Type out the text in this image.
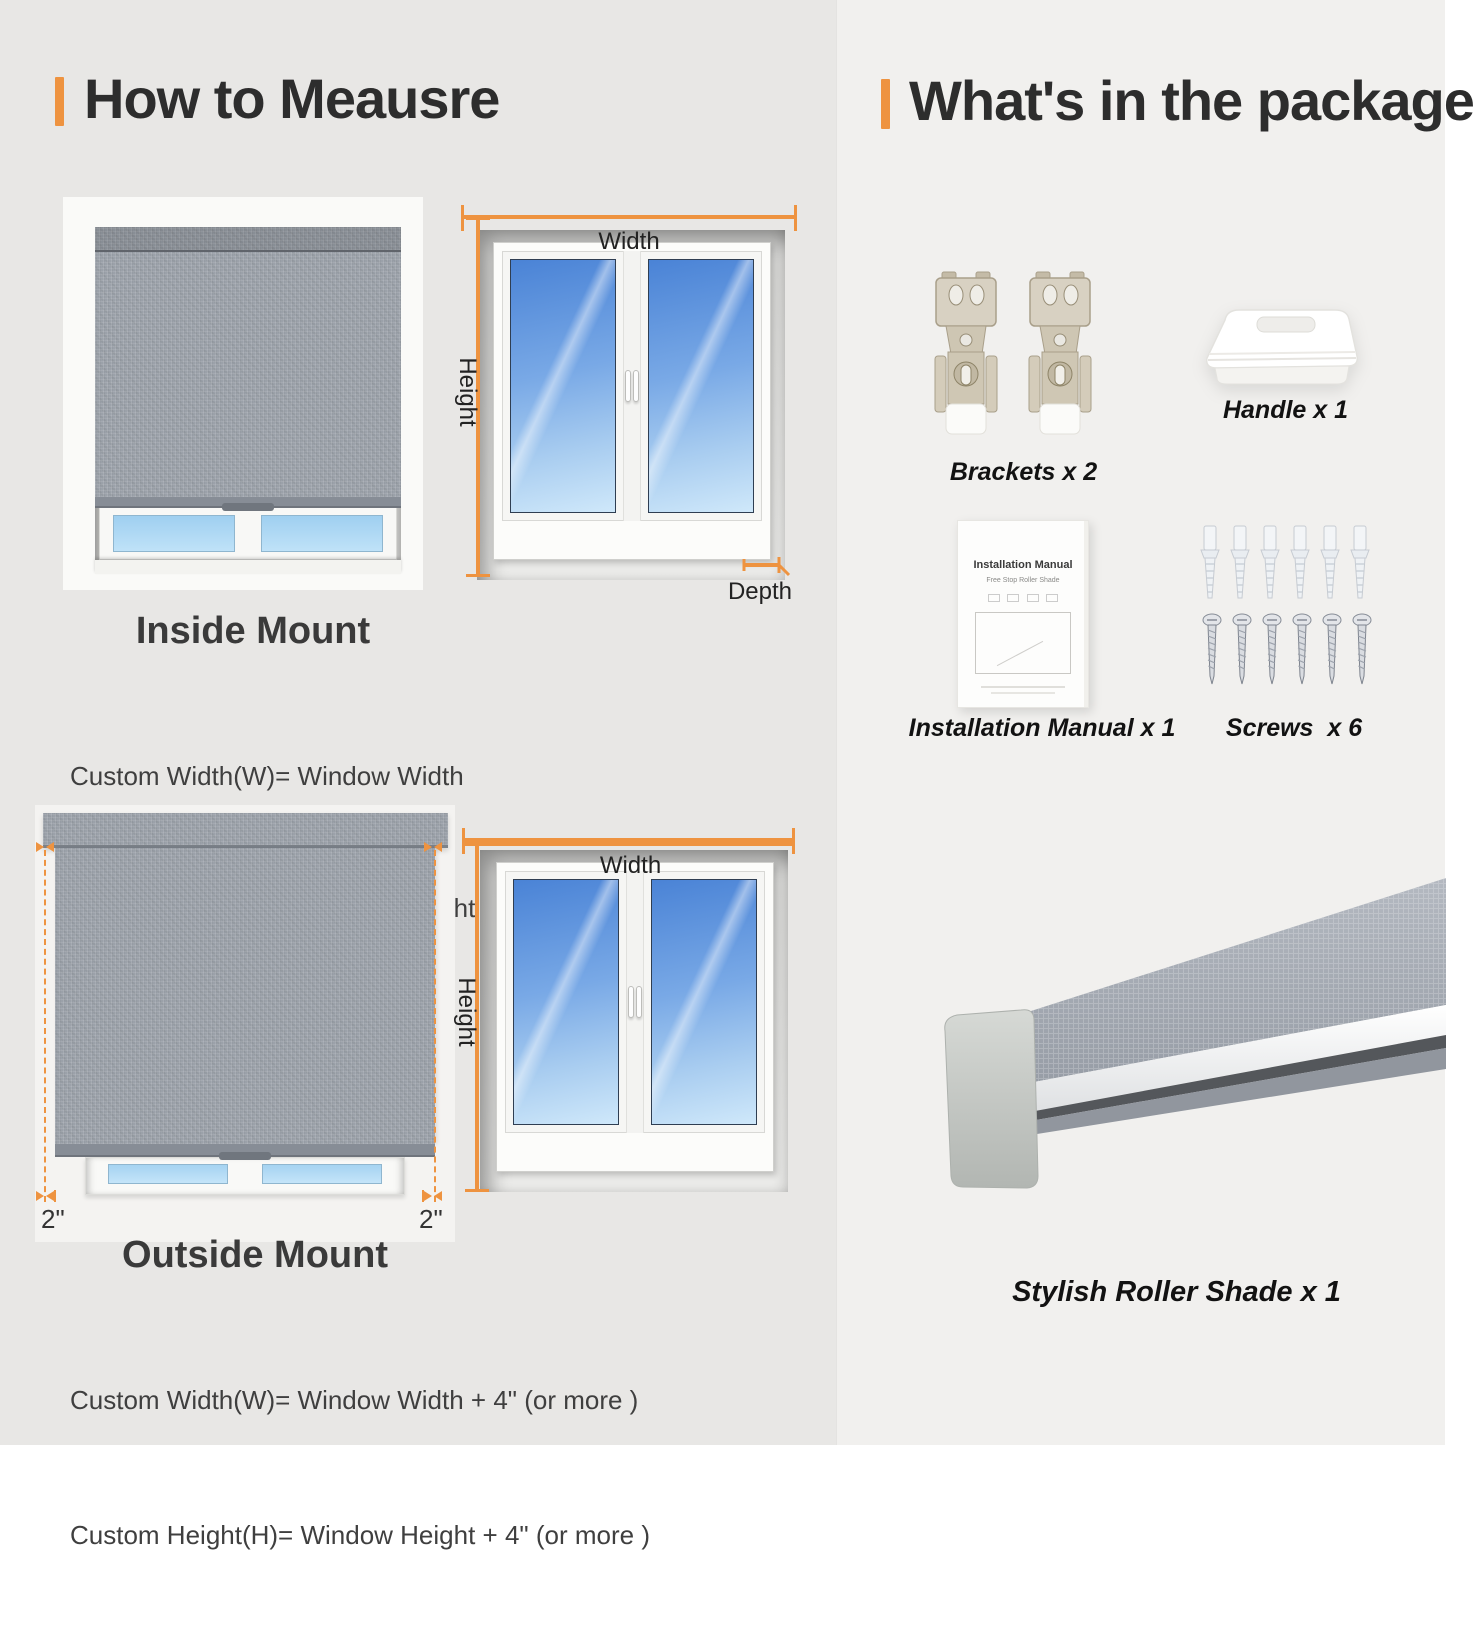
How to Meausre
Width
Height
Depth
Inside Mount

Custom Width(W)= Window Width

2"	2"
Width
Height
Outside Mount

Custom Width(W)= Window Width + 4" (or more )

Custom Height(H)= Window Height + 4" (or more )

What's in the package
Brackets x 2
Handle x 1
Installation Manual
Free Stop Roller Shade
Installation Manual x 1	Screws  x 6
Stylish Roller Shade x 1
